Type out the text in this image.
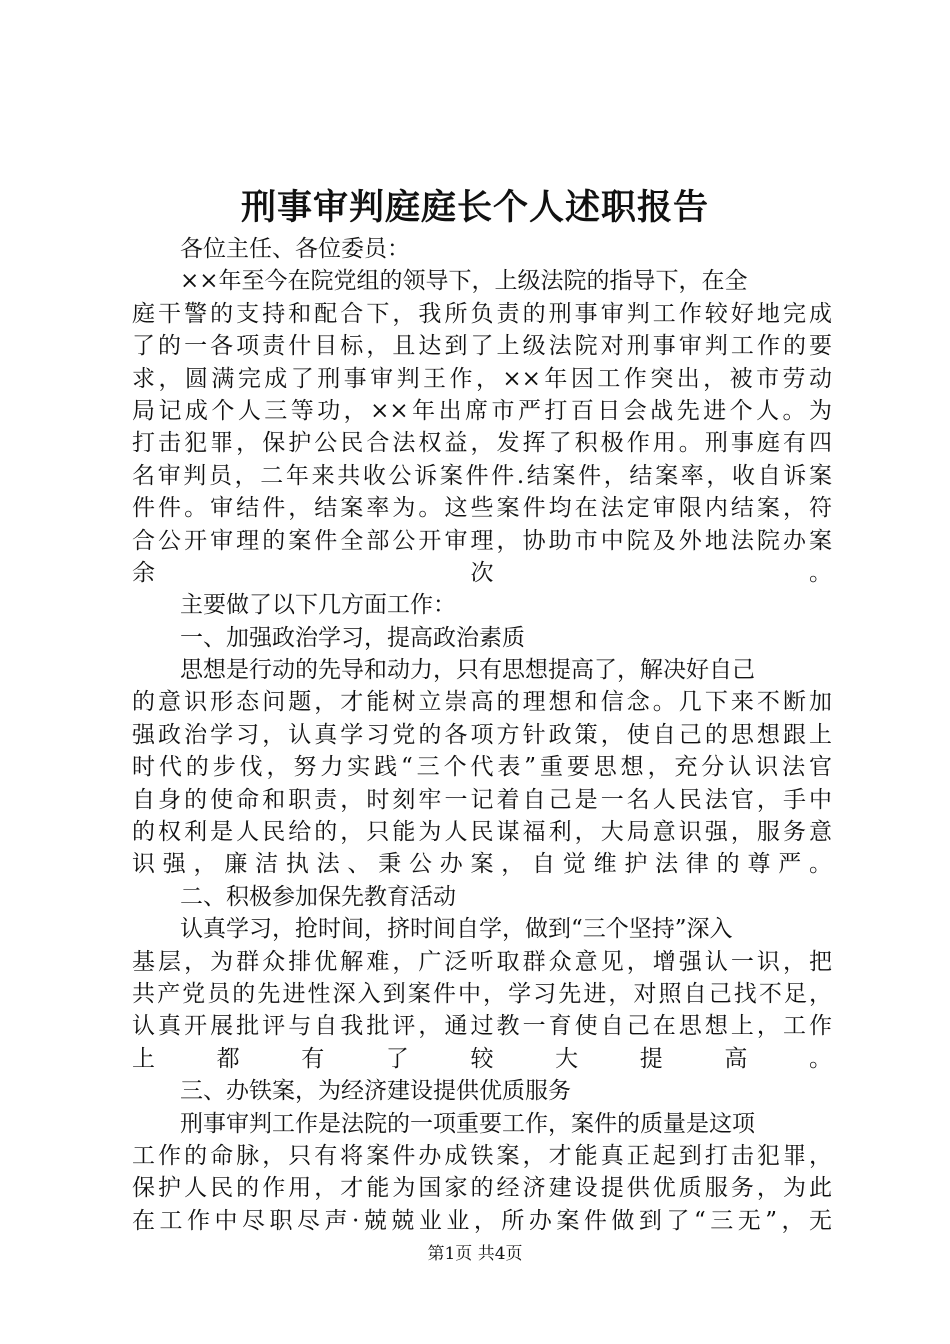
刑事审判庭庭长个人述职报告
各位主任、各位委员：
××年至今在院党组的领导下，上级法院的指导下，在全
庭干警的支持和配合下，我所负责的刑事审判工作较好地完成
了的一各项责什目标，且达到了上级法院对刑事审判工作的要
求，圆满完成了刑事审判王作，××年因工作突出，被市劳动
局记成个人三等功，××年出席市严打百日会战先进个人。为
打击犯罪，保护公民合法权益，发挥了积极作用。刑事庭有四
名审判员，二年来共收公诉案件件.结案件，结案率，收自诉案
件件。审结件，结案率为。这些案件均在法定审限内结案，符
合公开审理的案件全部公开审理，协助市中院及外地法院办案
余次。
主要做了以下几方面工作：
一、加强政治学习，提高政治素质
思想是行动的先导和动力，只有思想提高了，解决好自己
的意识形态问题，才能树立崇高的理想和信念。几下来不断加
强政治学习，认真学习党的各项方针政策，使自己的思想跟上
时代的步伐，努力实践“三个代表”重要思想，充分认识法官
自身的使命和职责，时刻牢一记着自己是一名人民法官，手中
的权利是人民给的，只能为人民谋福利，大局意识强，服务意
识强，廉洁执法、秉公办案，自觉维护法律的尊严。
二、积极参加保先教育活动
认真学习，抢时间，挤时间自学，做到“三个坚持”深入
基层，为群众排优解难，广泛听取群众意见，增强认一识，把
共产党员的先进性深入到案件中，学习先进，对照自己找不足，
认真开展批评与自我批评，通过教一育使自己在思想上，工作
上都有了较大提高。
三、办铁案，为经济建设提供优质服务
刑事审判工作是法院的一项重要工作，案件的质量是这项
工作的命脉，只有将案件办成铁案，才能真正起到打击犯罪，
保护人民的作用，才能为国家的经济建设提供优质服务，为此
在工作中尽职尽声·兢兢业业，所办案件做到了“三无”，无
第1页 共4页
